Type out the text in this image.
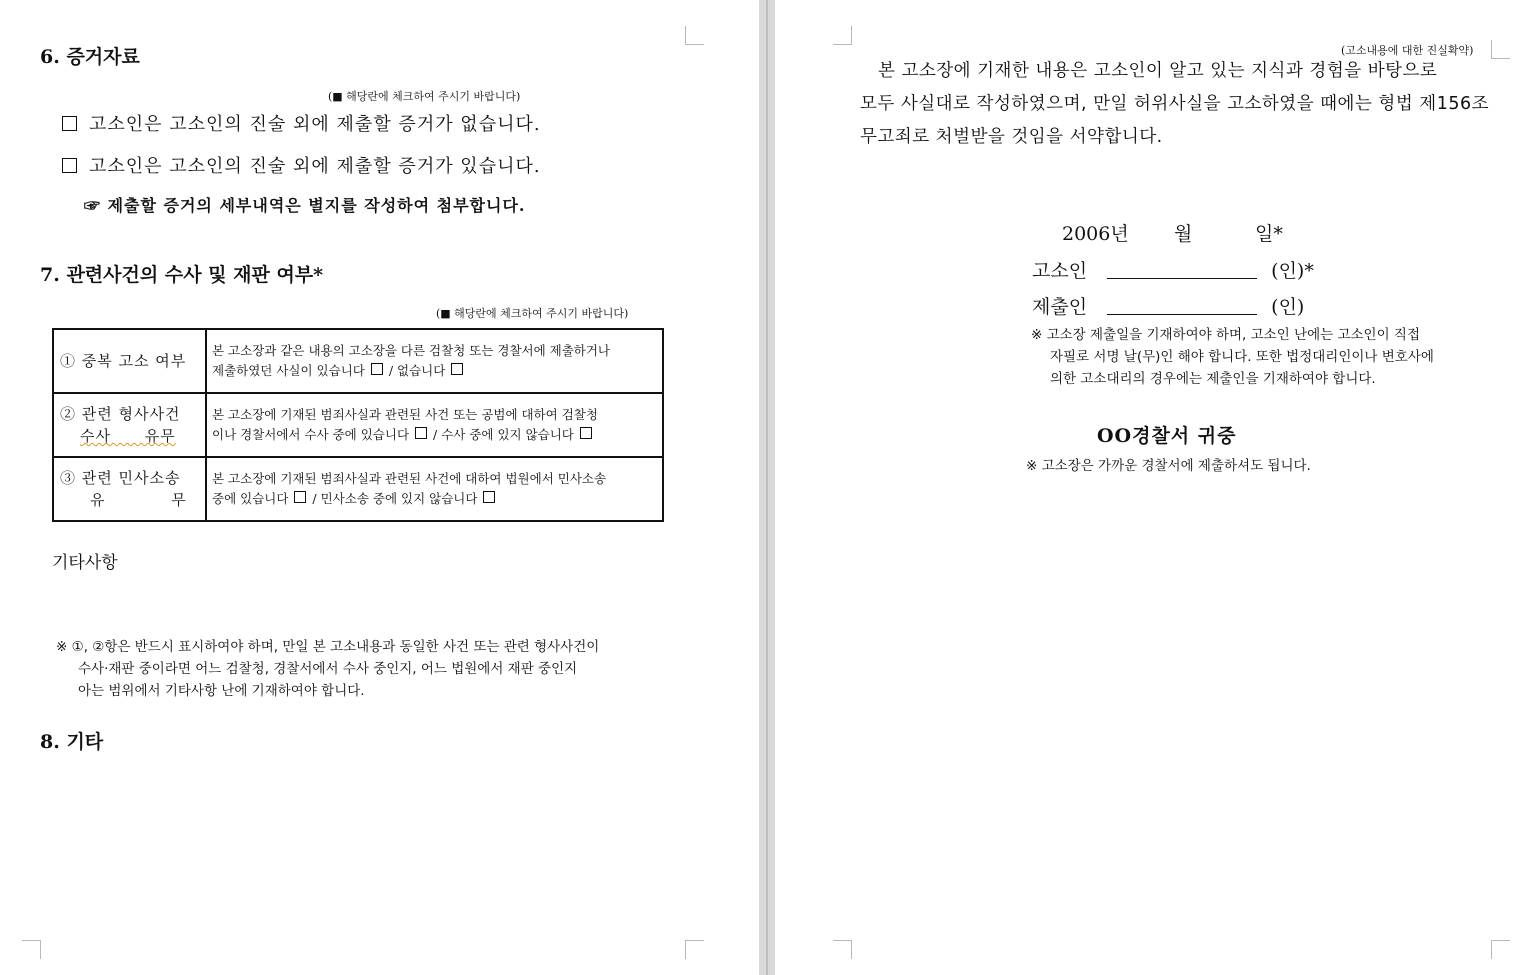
6. 증거자료
(■ 해당란에 체크하여 주시기 바랍니다)
고소인은 고소인의 진술 외에 제출할 증거가 없습니다.
고소인은 고소인의 진술 외에 제출할 증거가 있습니다.
☞ 제출할 증거의 세부내역은 별지를 작성하여 첨부합니다.
7. 관련사건의 수사 및 재판 여부*
(■ 해당란에 체크하여 주시기 바랍니다)
① 중복 고소 여부	본 고소장과 같은 내용의 고소장을 다른 검찰청 또는 경찰서에 제출하거나
제출하였던 사실이 있습니다 / 없습니다
② 관련 형사사건
수사 유무	본 고소장에 기재된 범죄사실과 관련된 사건 또는 공범에 대하여 검찰청
이나 경찰서에서 수사 중에 있습니다 / 수사 중에 있지 않습니다
③ 관련 민사소송
유 무	본 고소장에 기재된 범죄사실과 관련된 사건에 대하여 법원에서 민사소송
중에 있습니다 / 민사소송 중에 있지 않습니다
기타사항
※ ①, ②항은 반드시 표시하여야 하며, 만일 본 고소내용과 동일한 사건 또는 관련 형사사건이
수사·재판 중이라면 어느 검찰청, 경찰서에서 수사 중인지, 어느 법원에서 재판 중인지
아는 범위에서 기타사항 난에 기재하여야 합니다.
8. 기타
(고소내용에 대한 진실확약)
본 고소장에 기재한 내용은 고소인이 알고 있는 지식과 경험을 바탕으로
모두 사실대로 작성하였으며, 만일 허위사실을 고소하였을 때에는 형법 제156조
무고죄로 처벌받을 것임을 서약합니다.
2006년 월	일*
고소인	(인)*
제출인	(인)
※ 고소장 제출일을 기재하여야 하며, 고소인 난에는 고소인이 직접
자필로 서명 날(무)인 해야 합니다. 또한 법정대리인이나 변호사에
의한 고소대리의 경우에는 제출인을 기재하여야 합니다.
OO경찰서 귀중
※ 고소장은 가까운 경찰서에 제출하셔도 됩니다.
